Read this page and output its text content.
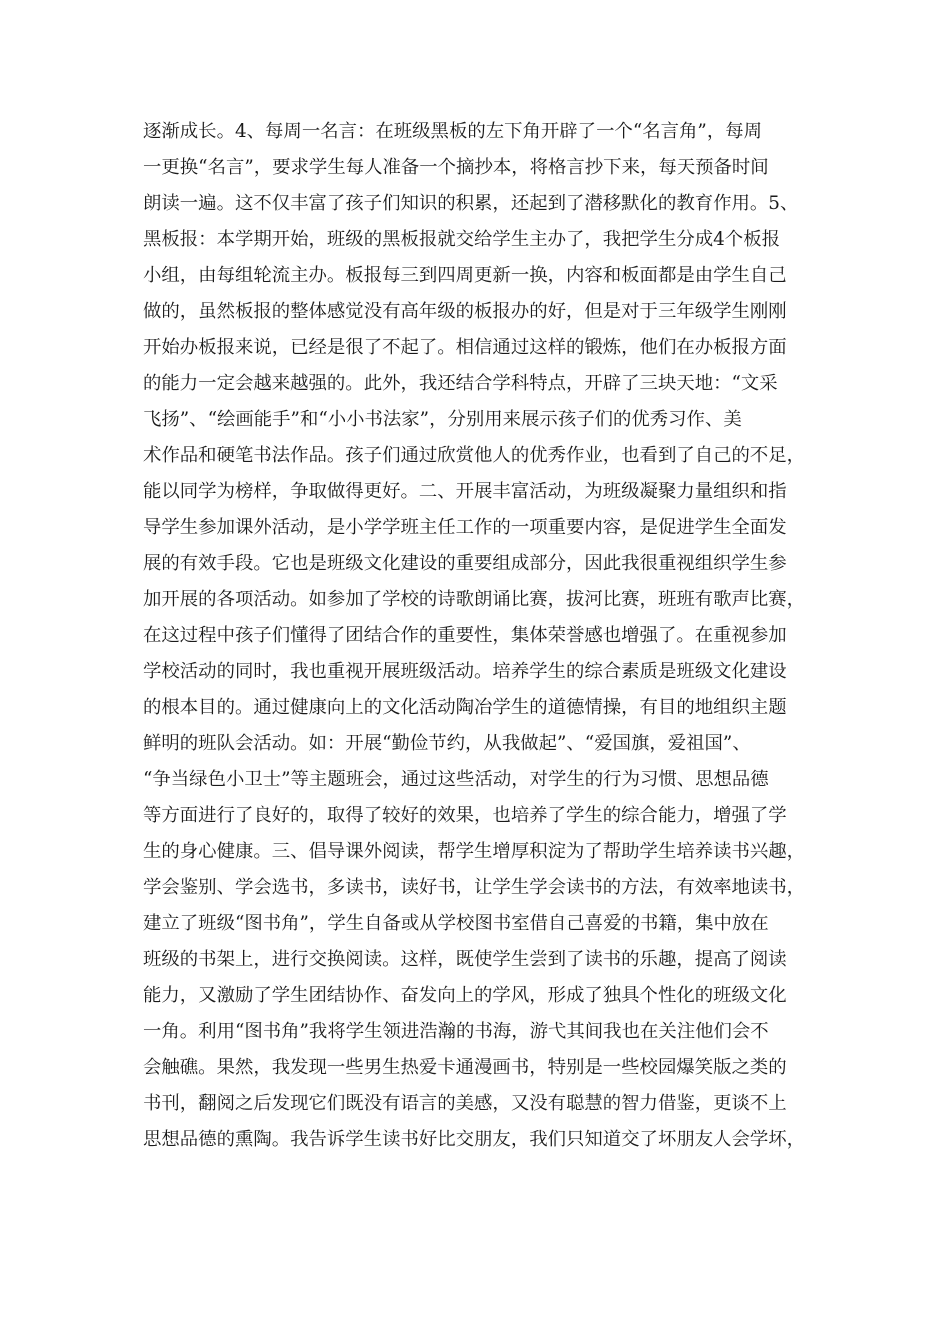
逐渐成长。4、每周一名言：在班级黑板的左下角开辟了一个“名言角”，每周
一更换“名言”，要求学生每人准备一个摘抄本，将格言抄下来，每天预备时间
朗读一遍。这不仅丰富了孩子们知识的积累，还起到了潜移默化的教育作用。5、
黑板报：本学期开始，班级的黑板报就交给学生主办了，我把学生分成4个板报
小组，由每组轮流主办。板报每三到四周更新一换，内容和板面都是由学生自己
做的，虽然板报的整体感觉没有高年级的板报办的好，但是对于三年级学生刚刚
开始办板报来说，已经是很了不起了。相信通过这样的锻炼，他们在办板报方面
的能力一定会越来越强的。此外，我还结合学科特点，开辟了三块天地：“文采
飞扬”、“绘画能手”和“小小书法家”，分别用来展示孩子们的优秀习作、美
术作品和硬笔书法作品。孩子们通过欣赏他人的优秀作业，也看到了自己的不足，
能以同学为榜样，争取做得更好。二、开展丰富活动，为班级凝聚力量组织和指
导学生参加课外活动，是小学学班主任工作的一项重要内容，是促进学生全面发
展的有效手段。它也是班级文化建设的重要组成部分，因此我很重视组织学生参
加开展的各项活动。如参加了学校的诗歌朗诵比赛，拔河比赛，班班有歌声比赛，
在这过程中孩子们懂得了团结合作的重要性，集体荣誉感也增强了。在重视参加
学校活动的同时，我也重视开展班级活动。培养学生的综合素质是班级文化建设
的根本目的。通过健康向上的文化活动陶冶学生的道德情操，有目的地组织主题
鲜明的班队会活动。如：开展“勤俭节约，从我做起”、“爱国旗，爱祖国”、
“争当绿色小卫士”等主题班会，通过这些活动，对学生的行为习惯、思想品德
等方面进行了良好的，取得了较好的效果，也培养了学生的综合能力，增强了学
生的身心健康。三、倡导课外阅读，帮学生增厚积淀为了帮助学生培养读书兴趣，
学会鉴别、学会选书，多读书，读好书，让学生学会读书的方法，有效率地读书，
建立了班级“图书角”，学生自备或从学校图书室借自己喜爱的书籍，集中放在
班级的书架上，进行交换阅读。这样，既使学生尝到了读书的乐趣，提高了阅读
能力，又激励了学生团结协作、奋发向上的学风，形成了独具个性化的班级文化
一角。利用“图书角”我将学生领进浩瀚的书海，游弋其间我也在关注他们会不
会触礁。果然，我发现一些男生热爱卡通漫画书，特别是一些校园爆笑版之类的
书刊，翻阅之后发现它们既没有语言的美感，又没有聪慧的智力借鉴，更谈不上
思想品德的熏陶。我告诉学生读书好比交朋友，我们只知道交了坏朋友人会学坏，
